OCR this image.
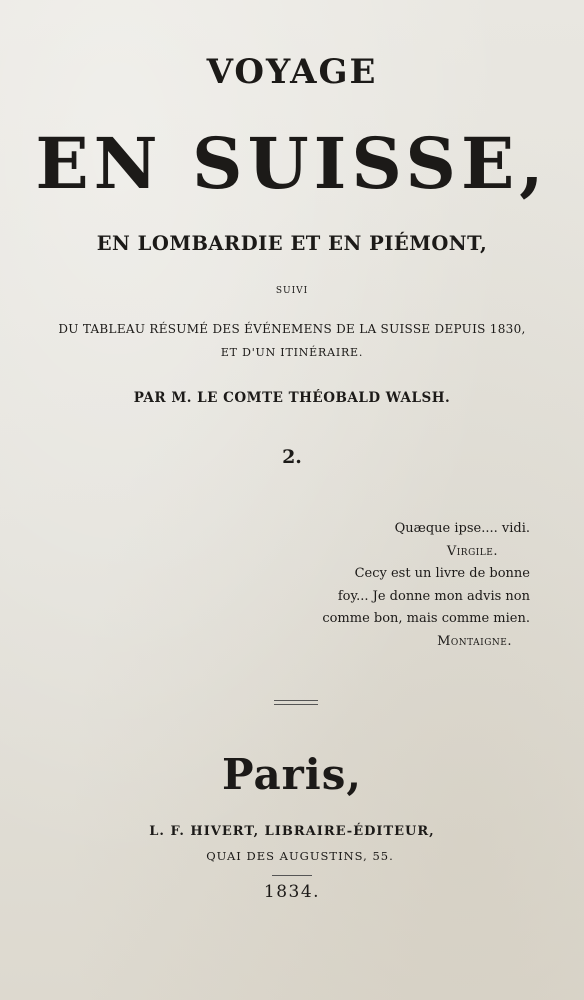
VOYAGE
EN SUISSE,
EN LOMBARDIE ET EN PIÉMONT,
SUIVI
DU TABLEAU RÉSUMÉ DES ÉVÉNEMENS DE LA SUISSE DEPUIS 1830,
ET D'UN ITINÉRAIRE.
PAR M. LE COMTE THÉOBALD WALSH.
2.
Quæque ipse.... vidi.
Virgile.
Cecy est un livre de bonne
foy... Je donne mon advis non
comme bon, mais comme mien.
Montaigne.
Paris,
L. F. HIVERT, LIBRAIRE-ÉDITEUR,
QUAI DES AUGUSTINS, 55.
1834.
